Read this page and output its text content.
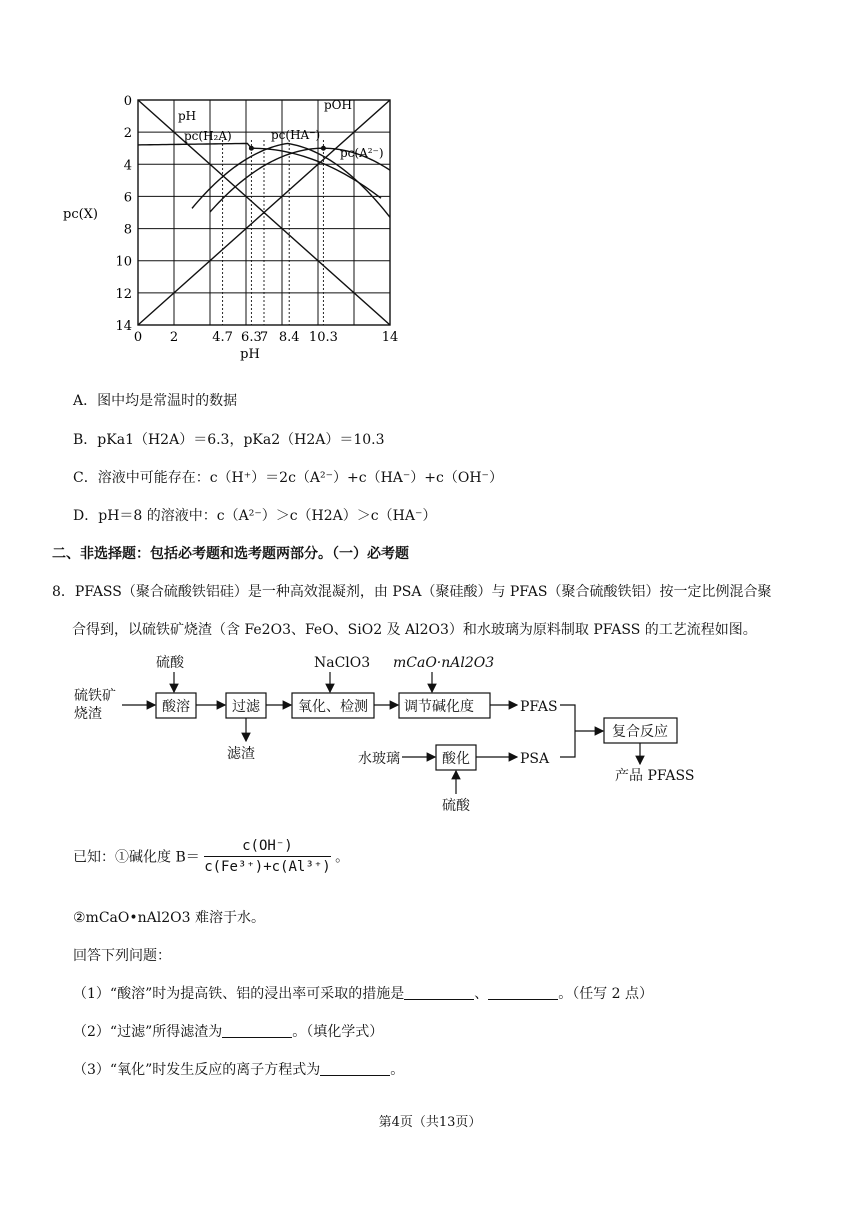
0 2	4.7 6.3
7 8.4 10.3	14
0
2
4
6
8
10
12
14
pH
pc(X)
pH
pOH
pc(H₂A)	pc(HA⁻)
pc(A²⁻)
A．图中均是常温时的数据
B．pKa1（H2A）＝6.3，pKa2（H2A）＝10.3
C．溶液中可能存在：c（H⁺）＝2c（A²⁻）+c（HA⁻）+c（OH⁻）
D．pH＝8 的溶液中：c（A²⁻）＞c（H2A）＞c（HA⁻）
二、非选择题：包括必考题和选考题两部分。（一）必考题
8．PFASS（聚合硫酸铁铝硅）是一种高效混凝剂，由 PSA（聚硅酸）与 PFAS（聚合硫酸铁铝）按一定比例混合聚
合得到，以硫铁矿烧渣（含 Fe2O3、FeO、SiO2 及 Al2O3）和水玻璃为原料制取 PFASS 的工艺流程如图。
硫铁矿
烧渣
硫酸	NaClO3 mCaO·nAl2O3
酸溶	过滤	氧化、检测	调节碱化度	PFAS
复合反应
滤渣	水玻璃	酸化	PSA
产品 PFASS
硫酸
已知：①碱化度 $B= \frac{c(OH^-)}{\text{c(Fe³⁺)+c(Al³⁺)}}$ 。
②mCaO•nAl2O3 难溶于水。
回答下列问题：
（1）“酸溶”时为提高铁、铝的浸出率可采取的措施是	、	。（任写 2 点）
（2）“过滤”所得滤渣为	。（填化学式）
（3）“氧化”时发生反应的离子方程式为	。
第4页（共13页）
